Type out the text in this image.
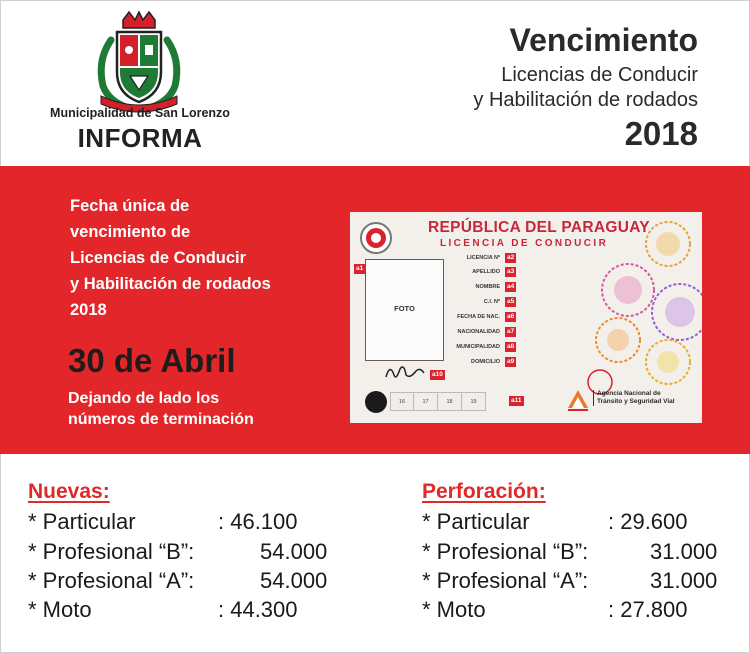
Municipalidad de San Lorenzo
INFORMA
Vencimiento
Licencias de Conducir
y Habilitación de rodados
2018
Fecha única de
vencimiento de
Licencias de Conducir
y Habilitación de rodados
2018
30 de Abril
Dejando de lado los
números de terminación
REPÚBLICA DEL PARAGUAY
LICENCIA DE CONDUCIR
a1
FOTO
LICENCIA Nº	a2
APELLIDO	a3
NOMBRE	a4
C.I. Nº	a5
FECHA DE NAC.	a6
NACIONALIDAD	a7
MUNICIPALIDAD	a8
DOMICILIO	a9
a10
16	17	18	19	a11
Agencia Nacional de
Tránsito y Seguridad Vial
Nuevas:
* Particular	: 46.100
* Profesional “B”:	54.000
* Profesional “A”:	54.000
* Moto	: 44.300
Perforación:
* Particular	: 29.600
* Profesional “B”:	31.000
* Profesional “A”:	31.000
* Moto	: 27.800
